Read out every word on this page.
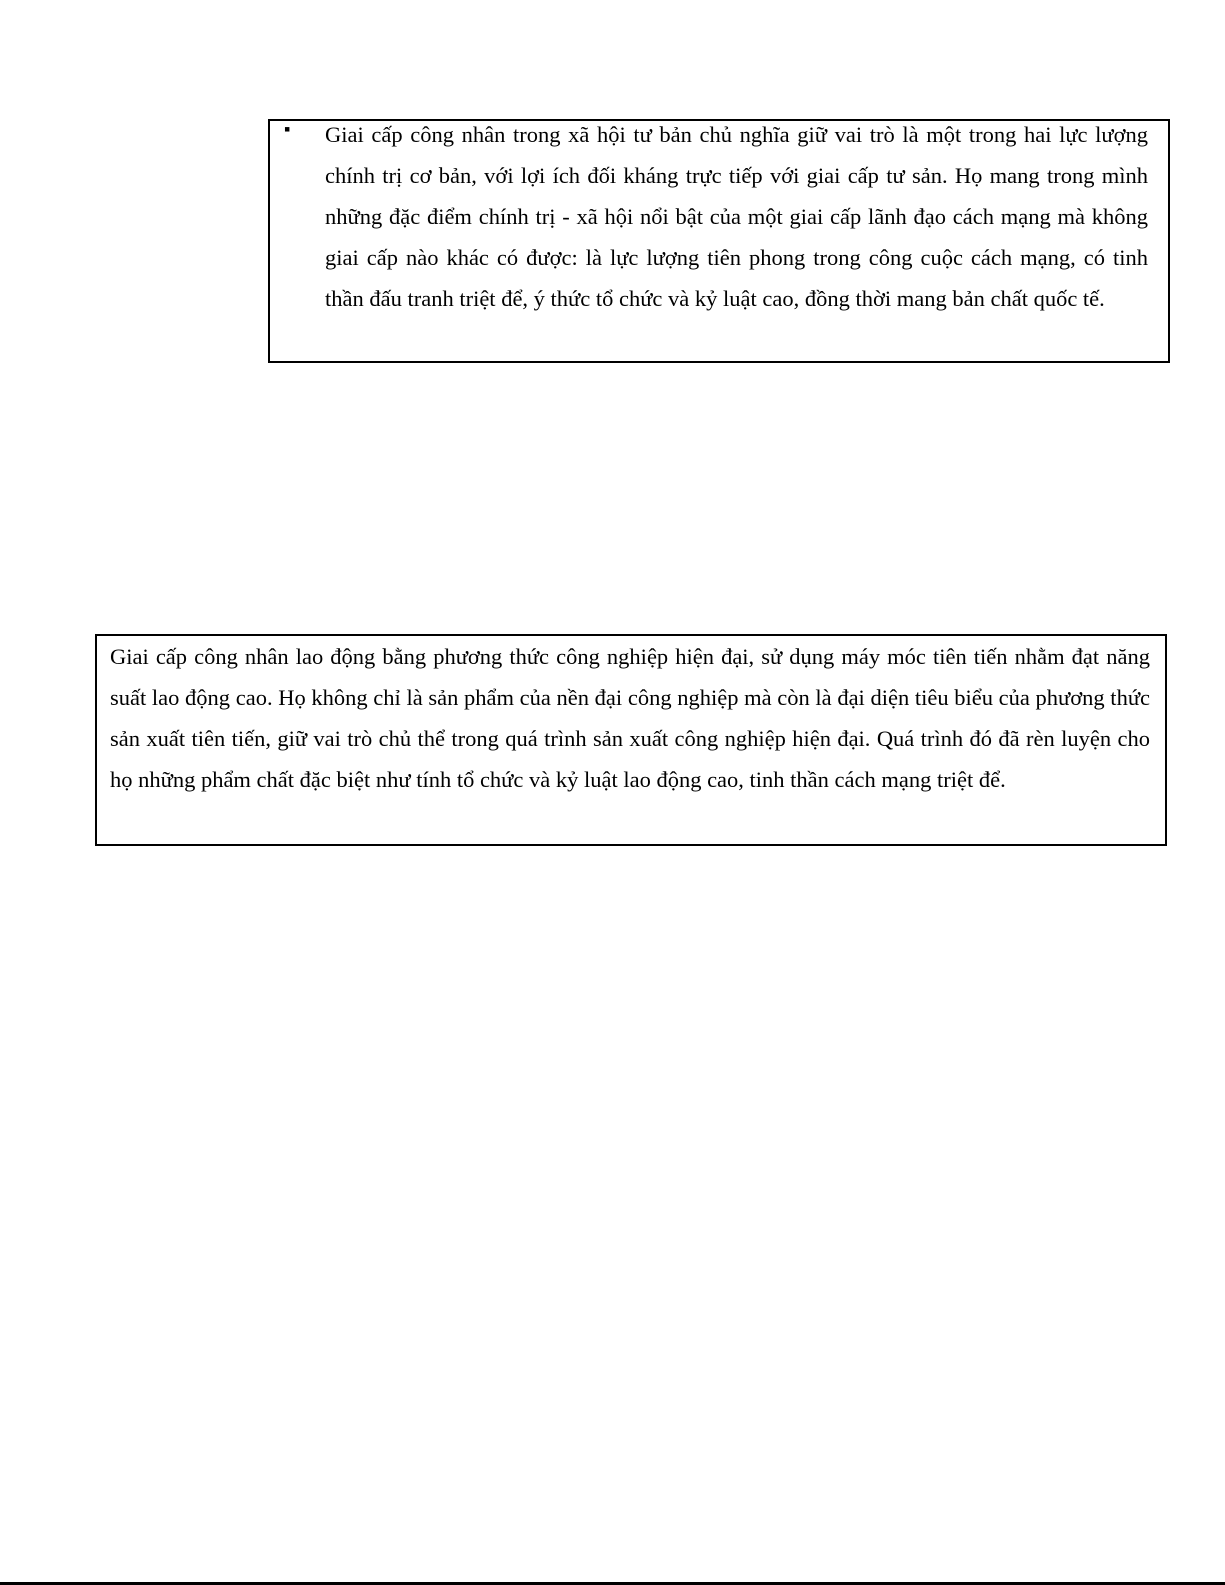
▪ Giai cấp công nhân trong xã hội tư bản chủ nghĩa giữ vai trò là một trong hai lực lượng chính trị cơ bản, với lợi ích đối kháng trực tiếp với giai cấp tư sản. Họ mang trong mình những đặc điểm chính trị - xã hội nổi bật của một giai cấp lãnh đạo cách mạng mà không giai cấp nào khác có được: là lực lượng tiên phong trong công cuộc cách mạng, có tinh thần đấu tranh triệt để, ý thức tổ chức và kỷ luật cao, đồng thời mang bản chất quốc tế.

Giai cấp công nhân lao động bằng phương thức công nghiệp hiện đại, sử dụng máy móc tiên tiến nhằm đạt năng suất lao động cao. Họ không chỉ là sản phẩm của nền đại công nghiệp mà còn là đại diện tiêu biểu của phương thức sản xuất tiên tiến, giữ vai trò chủ thể trong quá trình sản xuất công nghiệp hiện đại. Quá trình đó đã rèn luyện cho họ những phẩm chất đặc biệt như tính tổ chức và kỷ luật lao động cao, tinh thần cách mạng triệt để.
